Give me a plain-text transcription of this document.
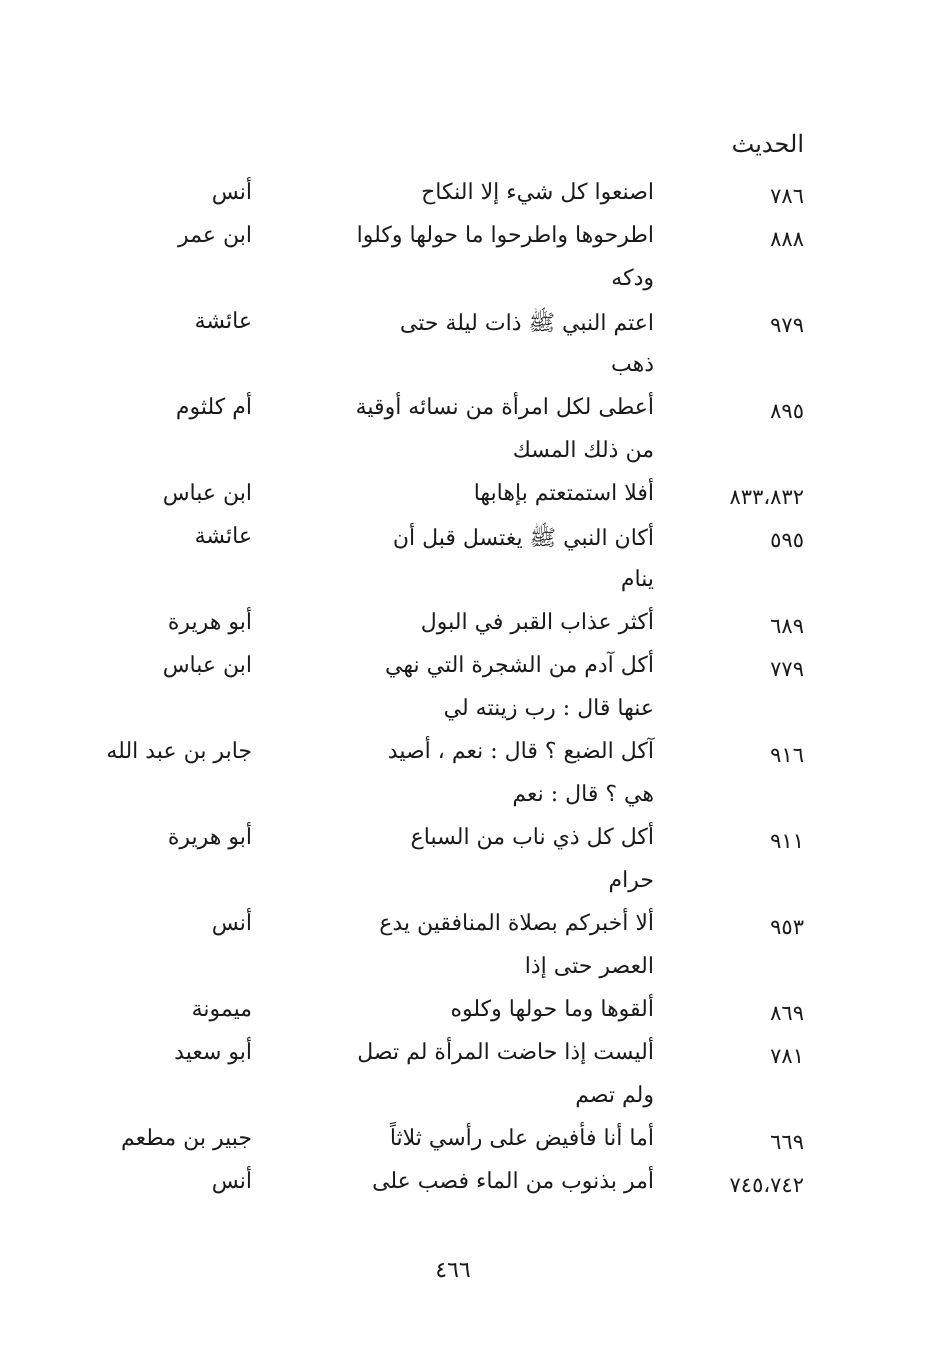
الحديث
٧٨٦
اصنعوا كل شيء إلا النكاح
أنس
٨٨٨
اطرحوها واطرحوا ما حولها وكلوا
ابن عمر
ودكه
٩٧٩
اعتم النبي ﷺ ذات ليلة حتى
عائشة
ذهب
٨٩٥
أعطى لكل امرأة من نسائه أوقية
أم كلثوم
من ذلك المسك
٨٣٣،٨٣٢
أفلا استمتعتم بإهابها
ابن عباس
٥٩٥
أكان النبي ﷺ يغتسل قبل أن
عائشة
ينام
٦٨٩
أكثر عذاب القبر في البول
أبو هريرة
٧٧٩
أكل آدم من الشجرة التي نهي
ابن عباس
عنها قال : رب زينته لي
٩١٦
آكل الضبع ؟ قال : نعم ، أصيد
جابر بن عبد الله
هي ؟ قال : نعم
٩١١
أكل كل ذي ناب من السباع
أبو هريرة
حرام
٩٥٣
ألا أخبركم بصلاة المنافقين يدع
أنس
العصر حتى إذا
٨٦٩
ألقوها وما حولها وكلوه
ميمونة
٧٨١
أليست إذا حاضت المرأة لم تصل
أبو سعيد
ولم تصم
٦٦٩
أما أنا فأفيض على رأسي ثلاثاً
جبير بن مطعم
٧٤٥،٧٤٢
أمر بذنوب من الماء فصب على
أنس
٤٦٦
